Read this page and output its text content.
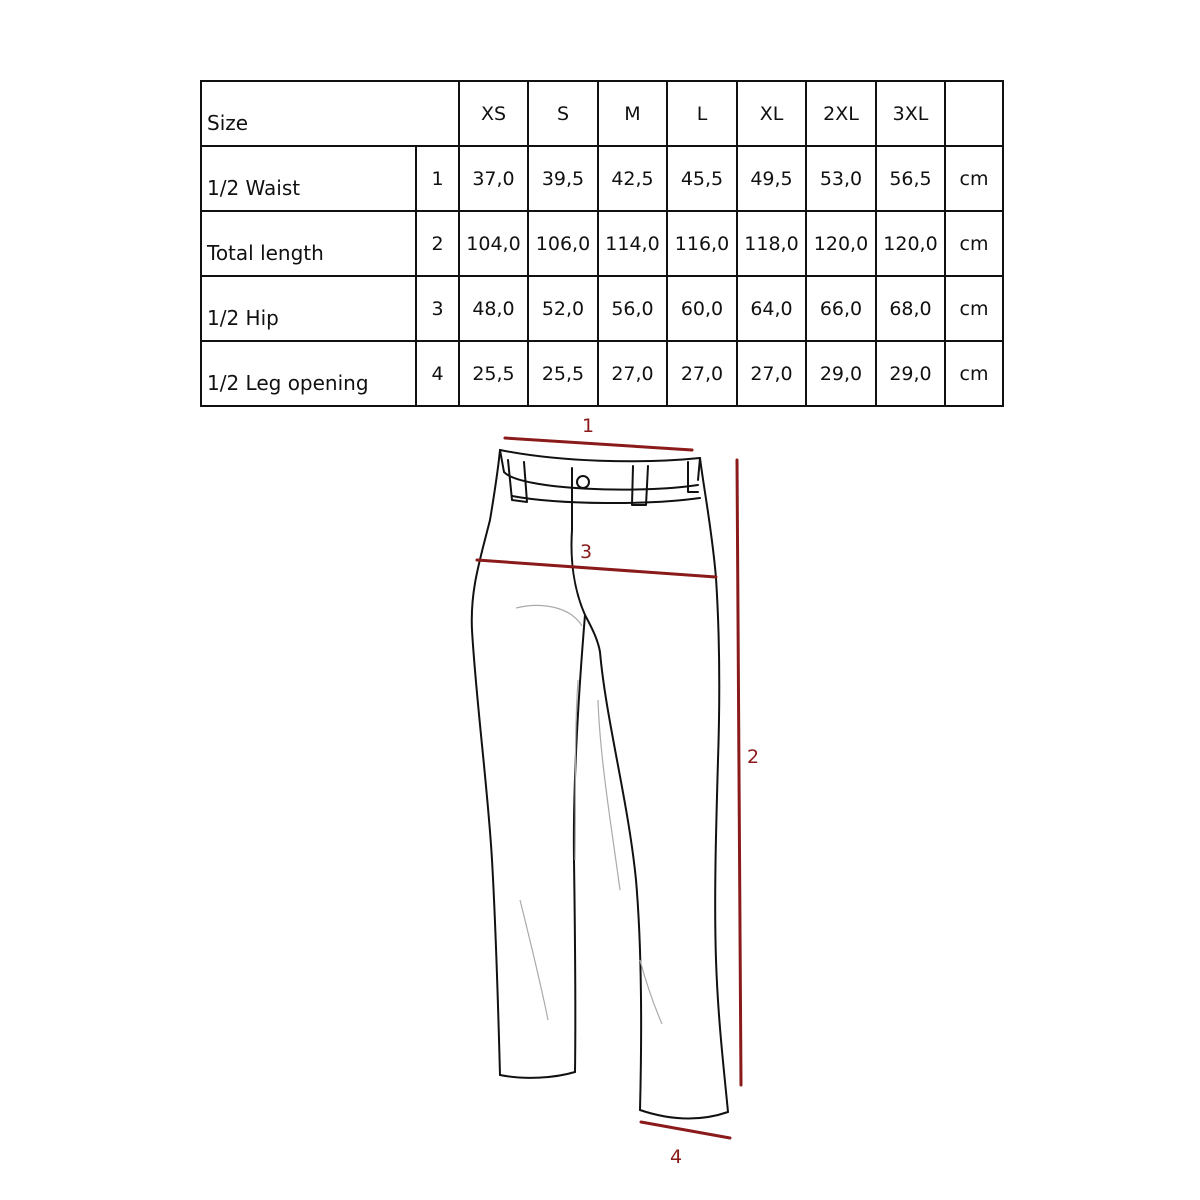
Size		XS	S	M	L	XL	2XL	3XL	
1/2 Waist	1	37,0	39,5	42,5	45,5	49,5	53,0	56,5	cm
Total length	2	104,0	106,0	114,0	116,0	118,0	120,0	120,0	cm
1/2 Hip	3	48,0	52,0	56,0	60,0	64,0	66,0	68,0	cm
1/2 Leg opening	4	25,5	25,5	27,0	27,0	27,0	29,0	29,0	cm
1
3
2
4
